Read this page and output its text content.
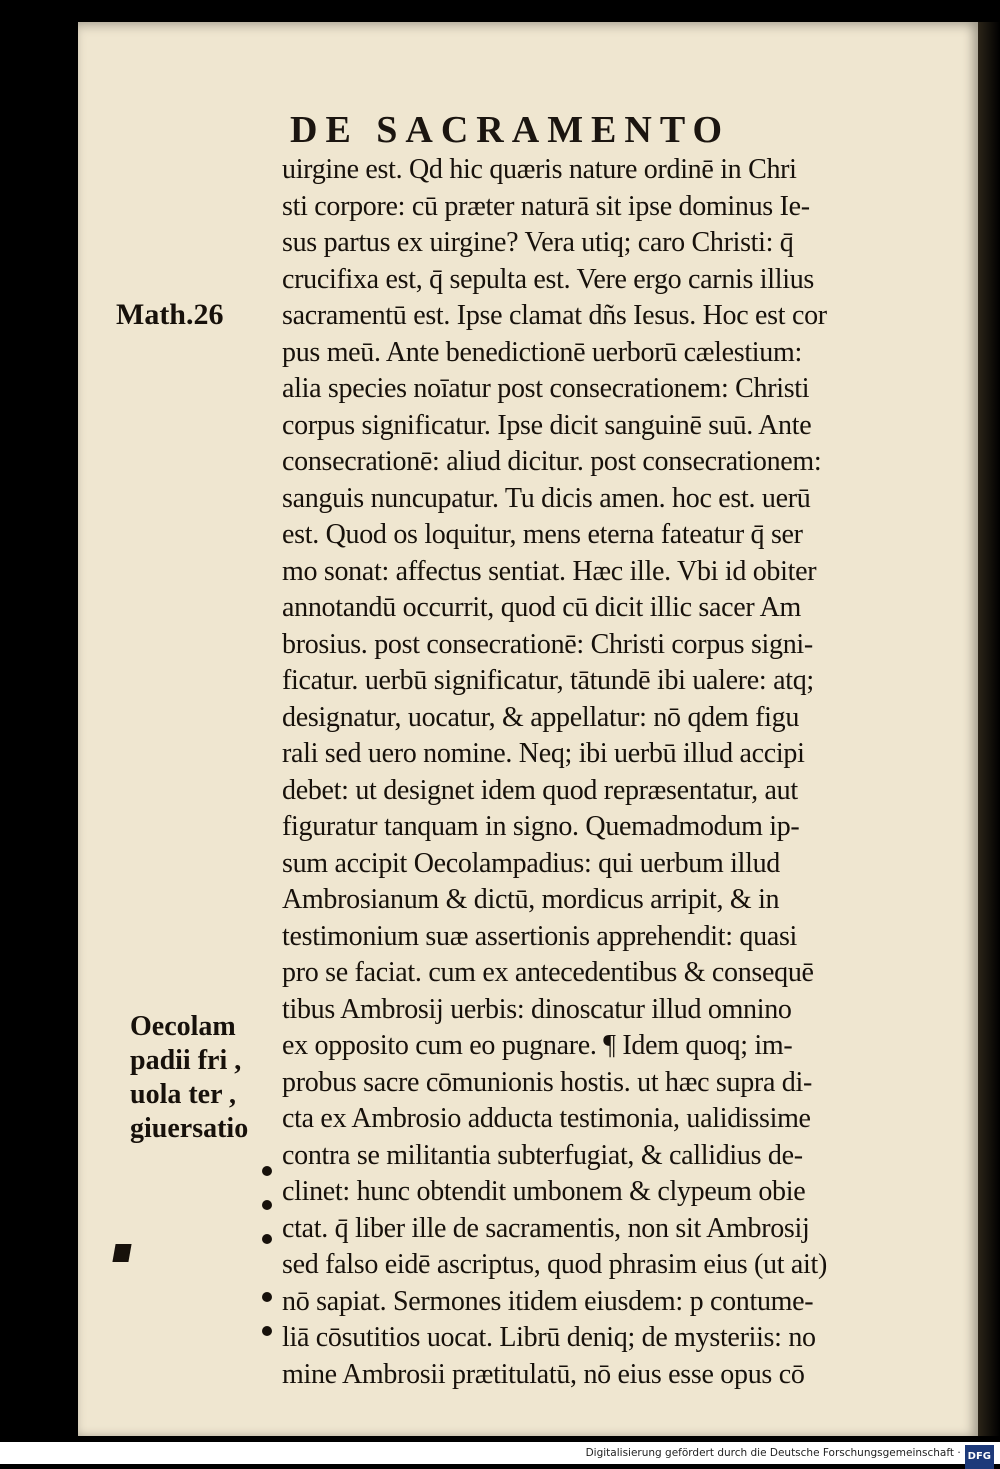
DE SACRAMENTO
Math.26
Oecolam
padii fri ,
uola ter ,
giuersatio
uirgine est. Qd hic quæris nature ordinē in Chri
sti corpore: cū præter naturā sit ipse dominus Ie-
sus partus ex uirgine? Vera utiq; caro Christi: q̄
crucifixa est, q̄ sepulta est. Vere ergo carnis illius
sacramentū est. Ipse clamat dñs Iesus. Hoc est cor
pus meū. Ante benedictionē uerborū cælestium:
alia species noīatur post consecrationem: Christi
corpus significatur. Ipse dicit sanguinē suū. Ante
consecrationē: aliud dicitur. post consecrationem:
sanguis nuncupatur. Tu dicis amen. hoc est. uerū
est. Quod os loquitur, mens eterna fateatur q̄ ser
mo sonat: affectus sentiat. Hæc ille. Vbi id obiter
annotandū occurrit, quod cū dicit illic sacer Am
brosius. post consecrationē: Christi corpus signi-
ficatur. uerbū significatur, tātundē ibi ualere: atq;
designatur, uocatur, & appellatur: nō qdem figu
rali sed uero nomine. Neq; ibi uerbū illud accipi
debet: ut designet idem quod repræsentatur, aut
figuratur tanquam in signo. Quemadmodum ip-
sum accipit Oecolampadius: qui uerbum illud
Ambrosianum & dictū, mordicus arripit, & in
testimonium suæ assertionis apprehendit: quasi
pro se faciat. cum ex antecedentibus & consequē
tibus Ambrosij uerbis: dinoscatur illud omnino
ex opposito cum eo pugnare. ¶ Idem quoq; im-
probus sacre cōmunionis hostis. ut hæc supra di-
cta ex Ambrosio adducta testimonia, ualidissime
contra se militantia subterfugiat, & callidius de-
clinet: hunc obtendit umbonem & clypeum obie
ctat. q̄ liber ille de sacramentis, non sit Ambrosij
sed falso eidē ascriptus, quod phrasim eius (ut ait)
nō sapiat. Sermones itidem eiusdem: p contume-
liā cōsutitios uocat. Librū deniq; de mysteriis: no
mine Ambrosii prætitulatū, nō eius esse opus cō
Digitalisierung gefördert durch die Deutsche Forschungsgemeinschaft · DFG
